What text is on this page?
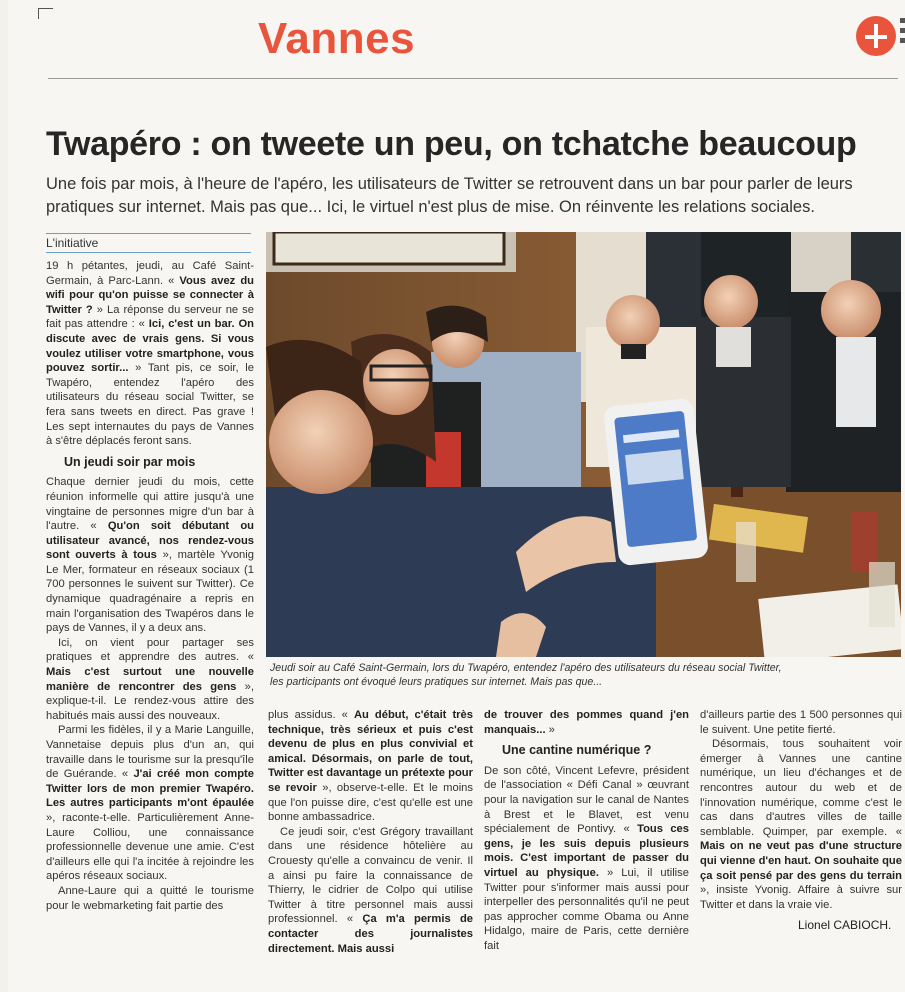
Vannes
Twapéro : on tweete un peu, on tchatche beaucoup
Une fois par mois, à l'heure de l'apéro, les utilisateurs de Twitter se retrouvent dans un bar pour parler de leurs pratiques sur internet. Mais pas que... Ici, le virtuel n'est plus de mise. On réinvente les relations sociales.
L'initiative

19 h pétantes, jeudi, au Café Saint-Germain, à Parc-Lann. « Vous avez du wifi pour qu'on puisse se connecter à Twitter ? » La réponse du serveur ne se fait pas attendre : « Ici, c'est un bar. On discute avec de vrais gens. Si vous voulez utiliser votre smartphone, vous pouvez sortir... » Tant pis, ce soir, le Twapéro, entendez l'apéro des utilisateurs du réseau social Twitter, se fera sans tweets en direct. Pas grave ! Les sept internautes du pays de Vannes à s'être déplacés feront sans.

Un jeudi soir par mois

Chaque dernier jeudi du mois, cette réunion informelle qui attire jusqu'à une vingtaine de personnes migre d'un bar à l'autre. « Qu'on soit débutant ou utilisateur avancé, nos rendez-vous sont ouverts à tous », martèle Yvonig Le Mer, formateur en réseaux sociaux (1 700 personnes le suivent sur Twitter). Ce dynamique quadragénaire a repris en main l'organisation des Twapéros dans le pays de Vannes, il y a deux ans.

Ici, on vient pour partager ses pratiques et apprendre des autres. « Mais c'est surtout une nouvelle manière de rencontrer des gens », explique-t-il. Le rendez-vous attire des habitués mais aussi des nouveaux.

Parmi les fidèles, il y a Marie Languille, Vannetaise depuis plus d'un an, qui travaille dans le tourisme sur la presqu'île de Guérande. « J'ai créé mon compte Twitter lors de mon premier Twapéro. Les autres participants m'ont épaulée », raconte-t-elle. Particulièrement Anne-Laure Colliou, une connaissance professionnelle devenue une amie. C'est d'ailleurs elle qui l'a incitée à rejoindre les apéros réseaux sociaux.

Anne-Laure qui a quitté le tourisme pour le webmarketing fait partie des

Jeudi soir au Café Saint-Germain, lors du Twapéro, entendez l'apéro des utilisateurs du réseau social Twitter,
les participants ont évoqué leurs pratiques sur internet. Mais pas que...

plus assidus. « Au début, c'était très technique, très sérieux et puis c'est devenu de plus en plus convivial et amical. Désormais, on parle de tout, Twitter est davantage un prétexte pour se revoir », observe-t-elle. Et le moins que l'on puisse dire, c'est qu'elle est une bonne ambassadrice.

Ce jeudi soir, c'est Grégory travaillant dans une résidence hôtelière au Crouesty qu'elle a convaincu de venir. Il a ainsi pu faire la connaissance de Thierry, le cidrier de Colpo qui utilise Twitter à titre personnel mais aussi professionnel. « Ça m'a permis de contacter des journalistes directement. Mais aussi

de trouver des pommes quand j'en manquais... »

Une cantine numérique ?

De son côté, Vincent Lefevre, président de l'association « Défi Canal » œuvrant pour la navigation sur le canal de Nantes à Brest et le Blavet, est venu spécialement de Pontivy. « Tous ces gens, je les suis depuis plusieurs mois. C'est important de passer du virtuel au physique. » Lui, il utilise Twitter pour s'informer mais aussi pour interpeller des personnalités qu'il ne peut pas approcher comme Obama ou Anne Hidalgo, maire de Paris, cette dernière fait

d'ailleurs partie des 1 500 personnes qui le suivent. Une petite fierté.

Désormais, tous souhaitent voir émerger à Vannes une cantine numérique, un lieu d'échanges et de rencontres autour du web et de l'innovation numérique, comme c'est le cas dans d'autres villes de taille semblable. Quimper, par exemple. « Mais on ne veut pas d'une structure qui vienne d'en haut. On souhaite que ça soit pensé par des gens du terrain », insiste Yvonig. Affaire à suivre sur Twitter et dans la vraie vie.

Lionel CABIOCH.
